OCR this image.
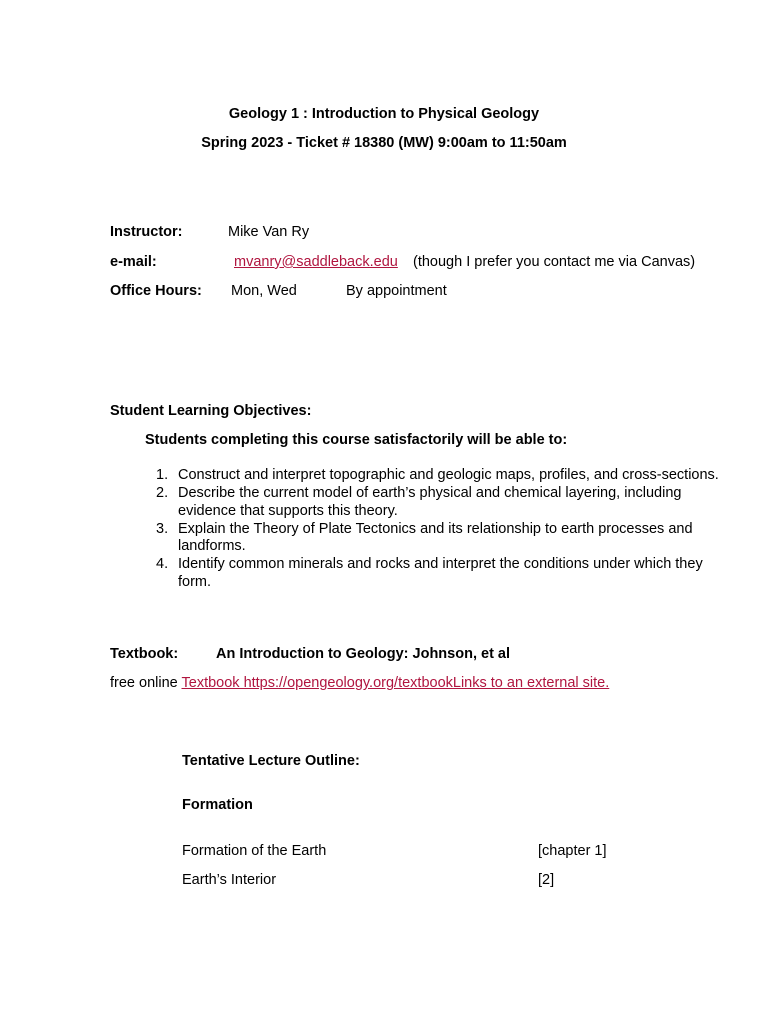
Geology 1 : Introduction to Physical Geology
Spring 2023 - Ticket # 18380 (MW) 9:00am to 11:50am
Instructor:	Mike Van Ry
e-mail:	mvanry@saddleback.edu (though I prefer you contact me via Canvas)
Office Hours: Mon, Wed	By appointment
Student Learning Objectives:
Students completing this course satisfactorily will be able to:
1. Construct and interpret topographic and geologic maps, profiles, and cross-sections.
2. Describe the current model of earth’s physical and chemical layering, including evidence that supports this theory.
3. Explain the Theory of Plate Tectonics and its relationship to earth processes and landforms.
4. Identify common minerals and rocks and interpret the conditions under which they form.
Textbook:	An Introduction to Geology: Johnson, et al
free online Textbook https://opengeology.org/textbookLinks to an external site.
Tentative Lecture Outline:
Formation
Formation of the Earth	[chapter 1]
Earth’s Interior	[2]
